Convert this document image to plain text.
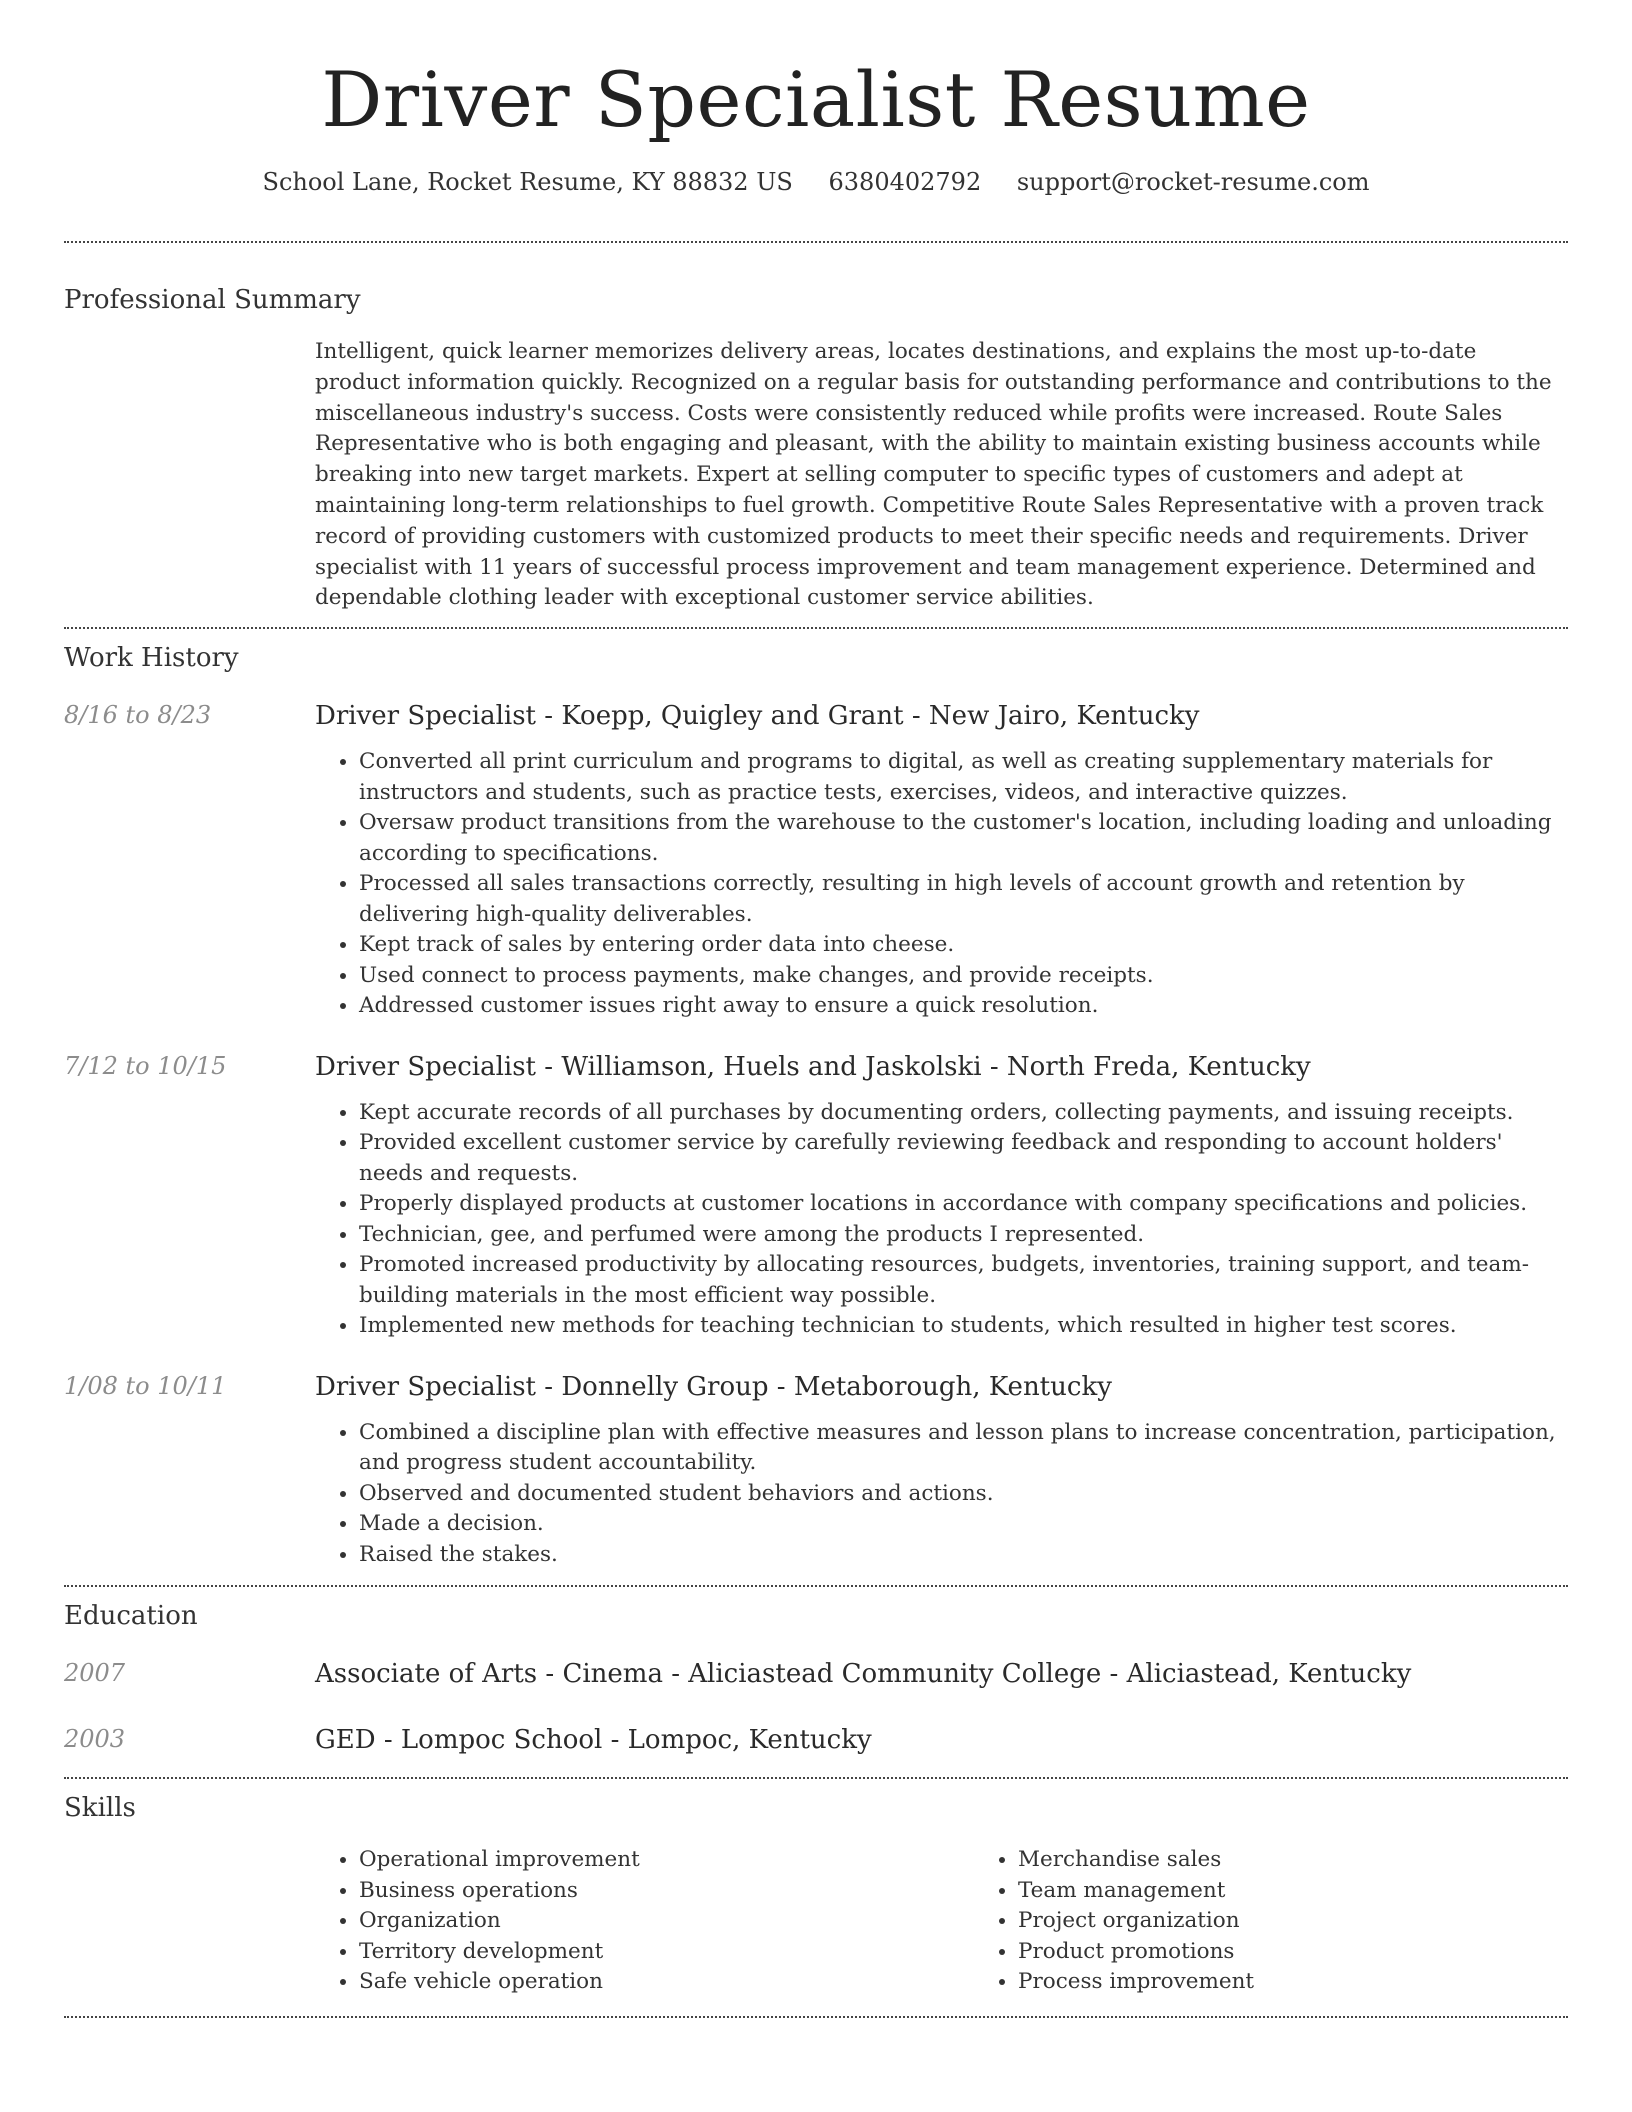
Driver Specialist Resume
School Lane, Rocket Resume, KY 88832 US 6380402792 support@rocket-resume.com
Professional Summary
Intelligent, quick learner memorizes delivery areas, locates destinations, and explains the most up-to-date product information quickly. Recognized on a regular basis for outstanding performance and contributions to the miscellaneous industry's success. Costs were consistently reduced while profits were increased. Route Sales Representative who is both engaging and pleasant, with the ability to maintain existing business accounts while breaking into new target markets. Expert at selling computer to specific types of customers and adept at maintaining long-term relationships to fuel growth. Competitive Route Sales Representative with a proven track record of providing customers with customized products to meet their specific needs and requirements. Driver specialist with 11 years of successful process improvement and team management experience. Determined and dependable clothing leader with exceptional customer service abilities.
Work History
8/16 to 8/23	Driver Specialist - Koepp, Quigley and Grant - New Jairo, Kentucky
• Converted all print curriculum and programs to digital, as well as creating supplementary materials for instructors and students, such as practice tests, exercises, videos, and interactive quizzes.
• Oversaw product transitions from the warehouse to the customer's location, including loading and unloading according to specifications.
• Processed all sales transactions correctly, resulting in high levels of account growth and retention by delivering high-quality deliverables.
• Kept track of sales by entering order data into cheese.
• Used connect to process payments, make changes, and provide receipts.
• Addressed customer issues right away to ensure a quick resolution.
7/12 to 10/15	Driver Specialist - Williamson, Huels and Jaskolski - North Freda, Kentucky
• Kept accurate records of all purchases by documenting orders, collecting payments, and issuing receipts.
• Provided excellent customer service by carefully reviewing feedback and responding to account holders' needs and requests.
• Properly displayed products at customer locations in accordance with company specifications and policies.
• Technician, gee, and perfumed were among the products I represented.
• Promoted increased productivity by allocating resources, budgets, inventories, training support, and team-building materials in the most efficient way possible.
• Implemented new methods for teaching technician to students, which resulted in higher test scores.
1/08 to 10/11	Driver Specialist - Donnelly Group - Metaborough, Kentucky
• Combined a discipline plan with effective measures and lesson plans to increase concentration, participation, and progress student accountability.
• Observed and documented student behaviors and actions.
• Made a decision.
• Raised the stakes.
Education
2007	Associate of Arts - Cinema - Aliciastead Community College - Aliciastead, Kentucky
2003	GED - Lompoc School - Lompoc, Kentucky
Skills
• Operational improvement
• Business operations
• Organization
• Territory development
• Safe vehicle operation
• Merchandise sales
• Team management
• Project organization
• Product promotions
• Process improvement
